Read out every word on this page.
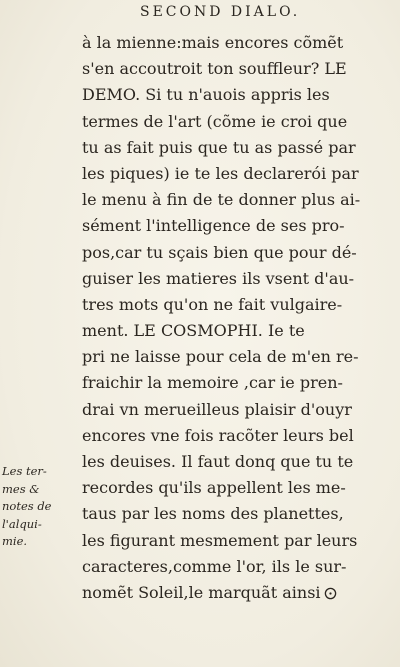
SECOND DIALO.
à la mienne:mais encores cõmẽt
s'en accoutroit ton souffleur? LE
DEMO. Si tu n'auois appris les
termes de l'art (cõme ie croi que
tu as fait puis que tu as passé par
les piques) ie te les declarerói par
le menu à fin de te donner plus ai-
sément l'intelligence de ses pro-
pos,car tu sçais bien que pour dé-
guiser les matieres ils vsent d'au-
tres mots qu'on ne fait vulgaire-
ment. LE COSMOPHI. Ie te
pri ne laisse pour cela de m'en re-
fraichir la memoire ,car ie pren-
drai vn merueilleus plaisir d'ouyr
encores vne fois racõter leurs bel
les deuises. Il faut donq que tu te
recordes qu'ils appellent les me-
taus par les noms des planettes,
les figurant mesmement par leurs
caracteres,comme l'or, ils le sur-
nomẽt Soleil,le marquãt ainsi
Les ter-
mes &
notes de
l'alqui-
mie.
